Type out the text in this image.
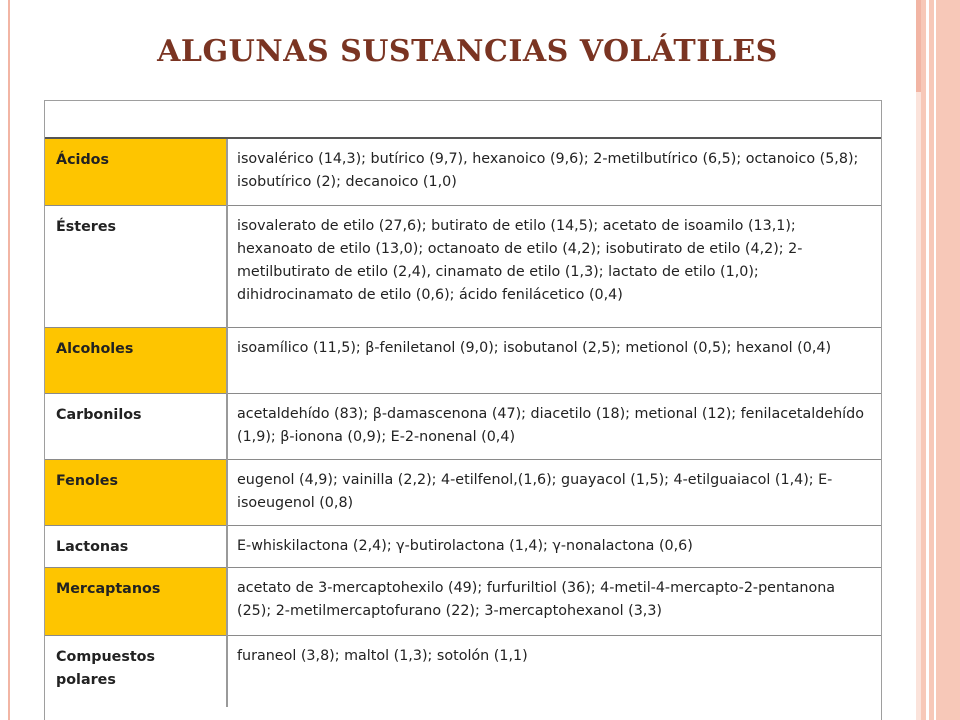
ALGUNAS SUSTANCIAS VOLÁTILES
Ácidos	isovalérico (14,3); butírico (9,7), hexanoico (9,6); 2-metilbutírico (6,5); octanoico (5,8); isobutírico (2); decanoico (1,0)
Ésteres	isovalerato de etilo (27,6); butirato de etilo (14,5); acetato de isoamilo (13,1); hexanoato de etilo (13,0); octanoato de etilo (4,2); isobutirato de etilo (4,2); 2-metilbutirato de etilo (2,4), cinamato de etilo (1,3); lactato de etilo (1,0); dihidrocinamato de etilo (0,6); ácido fenilácetico (0,4)
Alcoholes	isoamílico (11,5); β-feniletanol (9,0); isobutanol (2,5); metionol (0,5); hexanol (0,4)
Carbonilos	acetaldehído (83); β-damascenona (47); diacetilo (18); metional (12); fenilacetaldehído (1,9); β-ionona (0,9); E-2-nonenal (0,4)
Fenoles	eugenol (4,9); vainilla (2,2); 4-etilfenol,(1,6); guayacol (1,5); 4-etilguaiacol (1,4); E-isoeugenol (0,8)
Lactonas	E-whiskilactona (2,4); γ-butirolactona (1,4); γ-nonalactona (0,6)
Mercaptanos	acetato de 3-mercaptohexilo (49); furfuriltiol (36); 4-metil-4-mercapto-2-pentanona (25); 2-metilmercaptofurano (22); 3-mercaptohexanol (3,3)
Compuestos polares	furaneol (3,8); maltol (1,3); sotolón (1,1)
